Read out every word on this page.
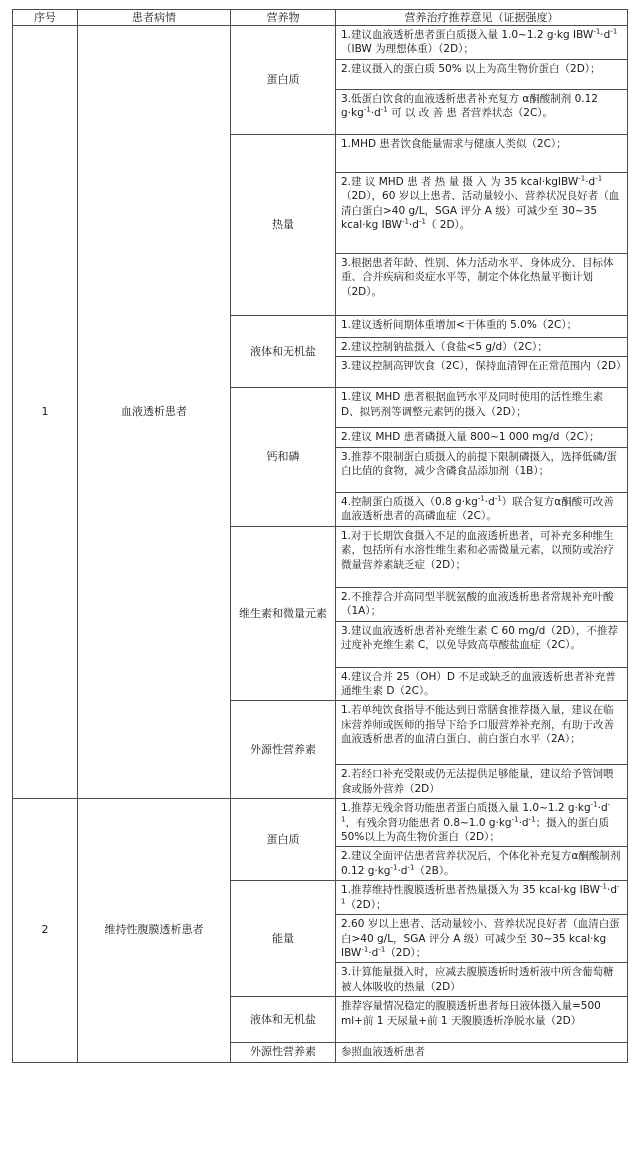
序号	患者病情	营养物	营养治疗推荐意见（证据强度）
1	血液透析患者	蛋白质	1.建议血液透析患者蛋白质摄入量 1.0~1.2 g·kg $IBW^{-1}\cdot d^{-1}(IBW$ 为理想体重）（2D）；
			2.建议摄入的蛋白质 50% 以上为高生物价蛋白（2D）；
			3.低蛋白饮食的血液透析患者补充复方 α酮酸制剂 0.12 $g\cdot kg^{-1}\cdot d^{-1}$ 可 以 改 善 患 者营养状态（2C）。
		热量	1.MHD 患者饮食能量需求与健康人类似（2C）；
			2.建 议 MHD 患 者 热 量 摄 入 为 35 $kcal\cdot kgIBW^{-1}\cdot d^{-1}(2D)$，60 岁以上患者、活动量较小、营养状况良好者（血清白蛋白>40 g/L，SGA 评分 A 级）可减少至 30~35 kcal·kg $IBW^{-1}\cdot d^{-1}$（ 2D）。
			3.根据患者年龄、性别、体力活动水平、身体成分、目标体重、合并疾病和炎症水平等，制定个体化热量平衡计划（2D）。
		液体和无机盐	1.建议透析间期体重增加<干体重的 5.0%（2C）；
			2.建议控制钠盐摄入（食盐<5 g/d）（2C）；
			3.建议控制高钾饮食（2C），保持血清钾在正常范围内（2D）
		钙和磷	1.建议 MHD 患者根据血钙水平及同时使用的活性维生素 D、拟钙剂等调整元素钙的摄入（2D）；
			2.建议 MHD 患者磷摄入量 800~1 000 mg/d（2C）；
			3.推荐不限制蛋白质摄入的前提下限制磷摄入，选择低磷/蛋白比值的食物，减少含磷食品添加剂（1B）；
			4.控制蛋白质摄入（0.8 $g\cdot kg^{-1}\cdot d^{-1}$）联合复方α酮酸可改善血液透析患者的高磷血症（2C）。
		维生素和微量元素	1.对于长期饮食摄入不足的血液透析患者，可补充多种维生素，包括所有水溶性维生素和必需微量元素，以预防或治疗微量营养素缺乏症（2D）；
			2.不推荐合并高同型半胱氨酸的血液透析患者常规补充叶酸（1A）；
			3.建议血液透析患者补充维生素 C 60 mg/d（2D），不推荐过度补充维生素 C，以免导致高草酸盐血症（2C）。
			4.建议合并 25（OH）D 不足或缺乏的血液透析患者补充普通维生素 D（2C）。
		外源性营养素	1.若单纯饮食指导不能达到日常膳食推荐摄入量，建议在临床营养师或医师的指导下给予口服营养补充剂，有助于改善血液透析患者的血清白蛋白、前白蛋白水平（2A）；
			2.若经口补充受限或仍无法提供足够能量，建议给予管饲喂食或肠外营养（2D）
2	维持性腹膜透析患者	蛋白质	1.推荐无残余肾功能患者蛋白质摄入量 1.0~1.2 $g\cdot kg^{-1}\cdot d^{-1}$，有残余肾功能患者 0.8~1.0 $g\cdot kg^{-1}\cdot d^{-1}$；摄入的蛋白质 50%以上为高生物价蛋白（2D）；
			2.建议全面评估患者营养状况后，个体化补充复方α酮酸制剂 0.12 $g\cdot kg^{-1}\cdot d^{-1}(2B)$。
		能量	1.推荐维持性腹膜透析患者热量摄入为 35 kcal·kg $IBW^{-1}\cdot d^{-1}(2D)$；
			2.60 岁以上患者、活动量较小、营养状况良好者（血清白蛋白>40 g/L，SGA 评分 A 级）可减少至 30~35 kcal·kg $IBW^{-1}\cdot d^{-1}(2D)$；
			3.计算能量摄入时，应减去腹膜透析时透析液中所含葡萄糖被人体吸收的热量（2D）
		液体和无机盐	推荐容量情况稳定的腹膜透析患者每日液体摄入量=500 ml+前 1 天尿量+前 1 天腹膜透析净脱水量（2D）
		外源性营养素	参照血液透析患者
